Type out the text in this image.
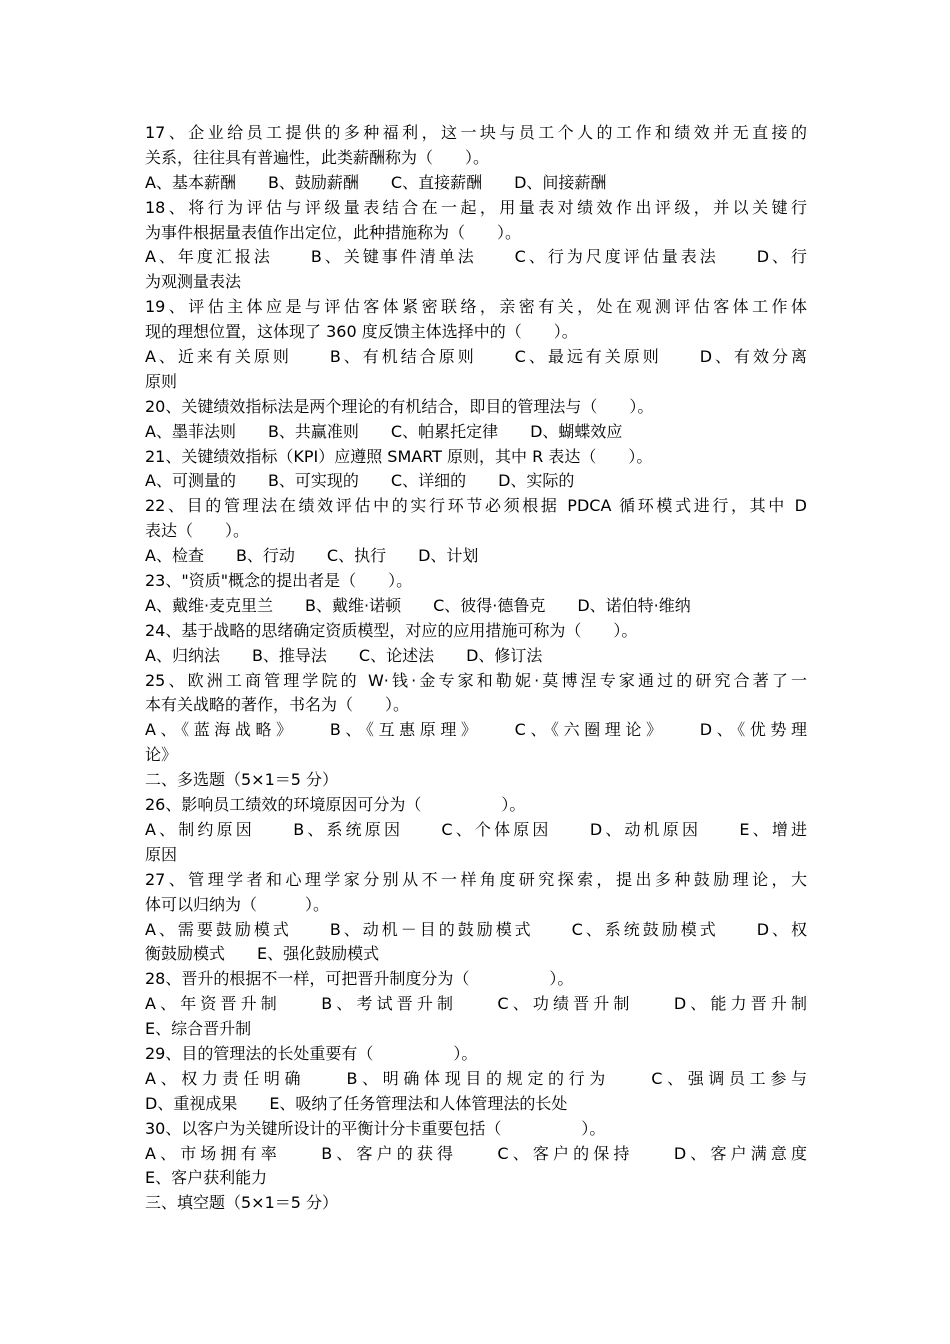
17、企业给员工提供的多种福利，这一块与员工个人的工作和绩效并无直接的
关系，往往具有普遍性，此类薪酬称为（　　）。
A、基本薪酬　　B、鼓励薪酬　　C、直接薪酬　　D、间接薪酬
18、将行为评估与评级量表结合在一起，用量表对绩效作出评级，并以关键行
为事件根据量表值作出定位，此种措施称为（　　）。
A、年度汇报法　　B、关键事件清单法　　C、行为尺度评估量表法　　D、行
为观测量表法
19、评估主体应是与评估客体紧密联络，亲密有关，处在观测评估客体工作体
现的理想位置，这体现了 360 度反馈主体选择中的（　　）。
A、近来有关原则　　B、有机结合原则　　C、最远有关原则　　D、有效分离
原则
20、关键绩效指标法是两个理论的有机结合，即目的管理法与（　　）。
A、墨菲法则　　B、共赢准则　　C、帕累托定律　　D、蝴蝶效应
21、关键绩效指标（KPI）应遵照 SMART 原则，其中 R 表达（　　）。
A、可测量的　　B、可实现的　　C、详细的　　D、实际的
22、目的管理法在绩效评估中的实行环节必须根据 PDCA 循环模式进行，其中 D
表达（　　）。
A、检查　　B、行动　　C、执行　　D、计划
23、"资质"概念的提出者是（　　）。
A、戴维·麦克里兰　　B、戴维·诺顿　　C、彼得·德鲁克　　D、诺伯特·维纳
24、基于战略的思绪确定资质模型，对应的应用措施可称为（　　）。
A、归纳法　　B、推导法　　C、论述法　　D、修订法
25、欧洲工商管理学院的 W·钱·金专家和勒妮·莫博涅专家通过的研究合著了一
本有关战略的著作，书名为（　　）。
A、《蓝海战略》　　B、《互惠原理》　　C、《六圈理论》　　D、《优势理
论》
二、多选题（5×1＝5 分）
26、影响员工绩效的环境原因可分为（　　　　　）。
A、制约原因　　B、系统原因　　C、个体原因　　D、动机原因　　E、增进
原因
27、管理学者和心理学家分别从不一样角度研究探索，提出多种鼓励理论，大
体可以归纳为（　　　）。
A、需要鼓励模式　　B、动机－目的鼓励模式　　C、系统鼓励模式　　D、权
衡鼓励模式　　E、强化鼓励模式
28、晋升的根据不一样，可把晋升制度分为（　　　　　）。
A、年资晋升制　　B、考试晋升制　　C、功绩晋升制　　D、能力晋升制
E、综合晋升制
29、目的管理法的长处重要有（　　　　　）。
A、权力责任明确　　B、明确体现目的规定的行为　　C、强调员工参与
D、重视成果　　E、吸纳了任务管理法和人体管理法的长处
30、以客户为关键所设计的平衡计分卡重要包括（　　　　　）。
A、市场拥有率　　B、客户的获得　　C、客户的保持　　D、客户满意度
E、客户获利能力
三、填空题（5×1＝5 分）
